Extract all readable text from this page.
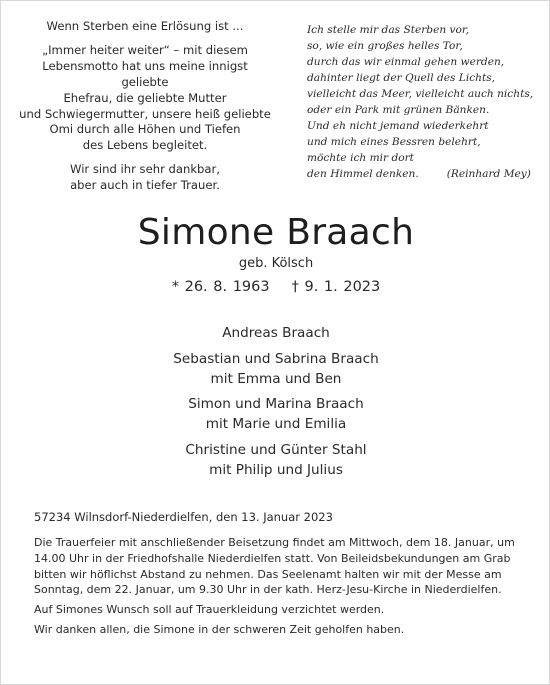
Wenn Sterben eine Erlösung ist ...

„Immer heiter weiter“ – mit diesem

Lebensmotto hat uns meine innigst geliebte

Ehefrau, die geliebte Mutter

und Schwiegermutter, unsere heiß geliebte

Omi durch alle Höhen und Tiefen

des Lebens begleitet.

Wir sind ihr sehr dankbar,

aber auch in tiefer Trauer.

Ich stelle mir das Sterben vor,

so, wie ein großes helles Tor,

durch das wir einmal gehen werden,

dahinter liegt der Quell des Lichts,

vielleicht das Meer, vielleicht auch nichts,

oder ein Park mit grünen Bänken.

Und eh nicht jemand wiederkehrt

und mich eines Bessren belehrt,

möchte ich mir dort

den Himmel denken.	(Reinhard Mey)

Simone Braach
geb. Kölsch
* 26. 8. 1963 † 9. 1. 2023

Andreas Braach

Sebastian und Sabrina Braach

mit Emma und Ben

Simon und Marina Braach

mit Marie und Emilia

Christine und Günter Stahl

mit Philip und Julius

57234 Wilnsdorf-Niederdielfen, den 13. Januar 2023

Die Trauerfeier mit anschließender Beisetzung findet am Mittwoch, dem 18. Januar, um 14.00 Uhr in der Friedhofshalle Niederdielfen statt. Von Beileidsbekundungen am Grab bitten wir höflichst Abstand zu nehmen. Das Seelenamt halten wir mit der Messe am Sonntag, dem 22. Januar, um 9.30 Uhr in der kath. Herz-Jesu-Kirche in Niederdielfen.

Auf Simones Wunsch soll auf Trauerkleidung verzichtet werden.

Wir danken allen, die Simone in der schweren Zeit geholfen haben.
